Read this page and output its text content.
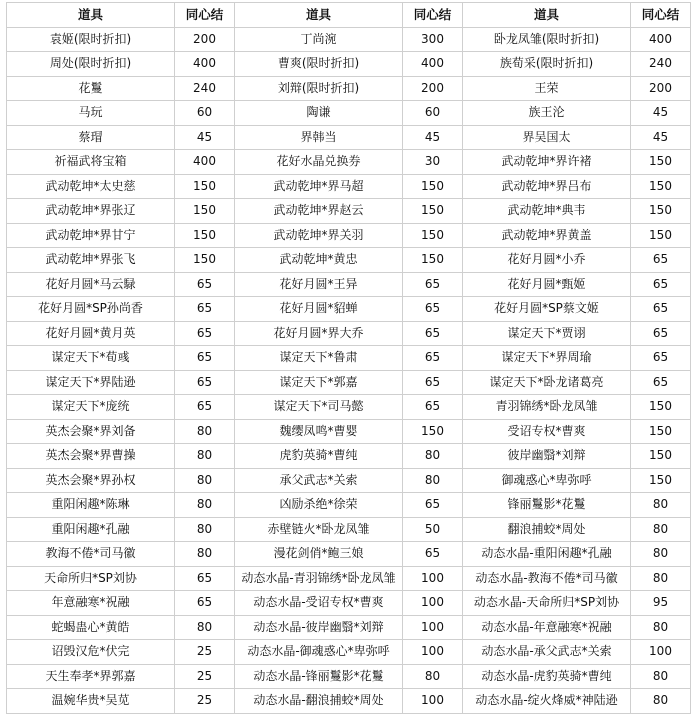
道具	同心结	道具	同心结	道具	同心结
袁姬(限时折扣)	200	丁尚涴	300	卧龙凤雏(限时折扣)	400
周处(限时折扣)	400	曹爽(限时折扣)	400	族荀采(限时折扣)	240
花鬘	240	刘辩(限时折扣)	200	王荣	200
马玩	60	陶谦	60	族王沦	45
蔡瑁	45	界韩当	45	界吴国太	45
祈福武将宝箱	400	花好水晶兑换券	30	武动乾坤*界许褚	150
武动乾坤*太史慈	150	武动乾坤*界马超	150	武动乾坤*界吕布	150
武动乾坤*界张辽	150	武动乾坤*界赵云	150	武动乾坤*典韦	150
武动乾坤*界甘宁	150	武动乾坤*界关羽	150	武动乾坤*界黄盖	150
武动乾坤*界张飞	150	武动乾坤*黄忠	150	花好月圆*小乔	65
花好月圆*马云騄	65	花好月圆*王异	65	花好月圆*甄姬	65
花好月圆*SP孙尚香	65	花好月圆*貂蝉	65	花好月圆*SP蔡文姬	65
花好月圆*黄月英	65	花好月圆*界大乔	65	谋定天下*贾诩	65
谋定天下*荀彧	65	谋定天下*鲁肃	65	谋定天下*界周瑜	65
谋定天下*界陆逊	65	谋定天下*郭嘉	65	谋定天下*卧龙诸葛亮	65
谋定天下*庞统	65	谋定天下*司马懿	65	青羽锦绣*卧龙凤雏	150
英杰会聚*界刘备	80	魏缨凤鸣*曹婴	150	受诏专权*曹爽	150
英杰会聚*界曹操	80	虎豹英骑*曹纯	80	彼岸幽翳*刘辩	150
英杰会聚*界孙权	80	承父武志*关索	80	御魂惑心*卑弥呼	150
重阳闲趣*陈琳	80	凶励杀绝*徐荣	65	锋丽鬘影*花鬘	80
重阳闲趣*孔融	80	赤壁链火*卧龙凤雏	50	翻浪捕蛟*周处	80
教海不倦*司马徽	80	漫花剑俏*鲍三娘	65	动态水晶-重阳闲趣*孔融	80
天命所归*SP刘协	65	动态水晶-青羽锦绣*卧龙凤雏	100	动态水晶-教海不倦*司马徽	80
年意融寒*祝融	65	动态水晶-受诏专权*曹爽	100	动态水晶-天命所归*SP刘协	95
蛇蝎蛊心*黄皓	80	动态水晶-彼岸幽翳*刘辩	100	动态水晶-年意融寒*祝融	80
诏毁汉危*伏完	25	动态水晶-御魂惑心*卑弥呼	100	动态水晶-承父武志*关索	100
天生奉孝*界郭嘉	25	动态水晶-锋丽鬘影*花鬘	80	动态水晶-虎豹英骑*曹纯	80
温婉华贵*吴苋	25	动态水晶-翻浪捕蛟*周处	100	动态水晶-绽火烽威*神陆逊	80
